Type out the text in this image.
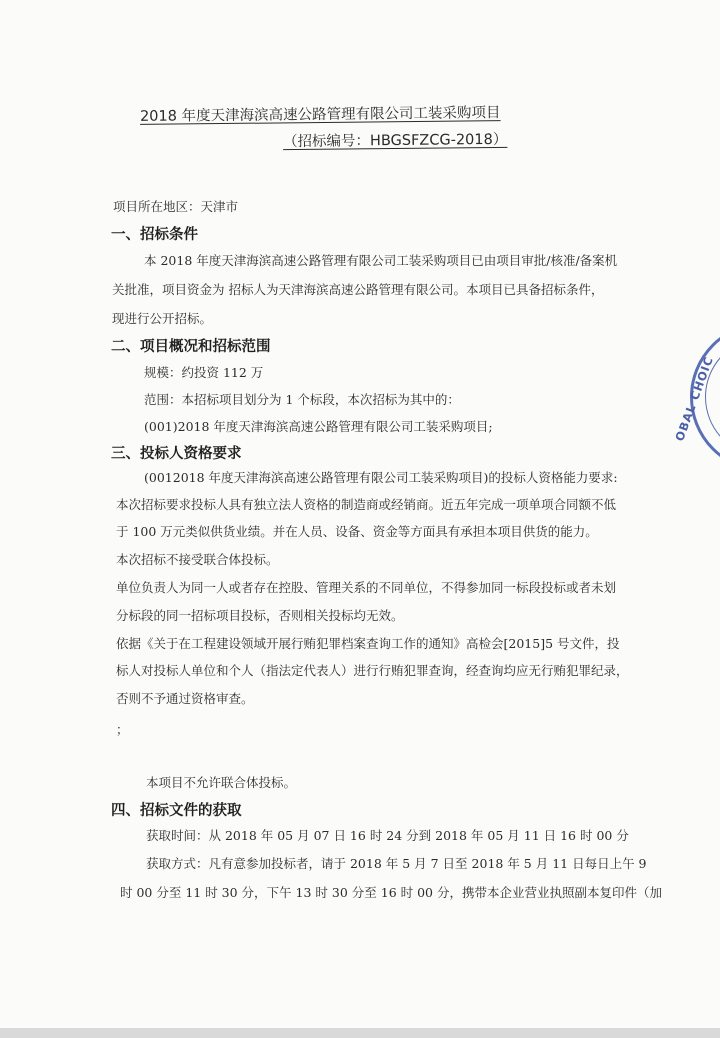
2018 年度天津海滨高速公路管理有限公司工装采购项目
（招标编号：HBGSFZCG-2018）
项目所在地区：天津市
一、招标条件
本 2018 年度天津海滨高速公路管理有限公司工装采购项目已由项目审批/核准/备案机
关批准，项目资金为 招标人为天津海滨高速公路管理有限公司。本项目已具备招标条件，
现进行公开招标。
二、项目概况和招标范围
规模：约投资 112 万
范围：本招标项目划分为 1 个标段，本次招标为其中的：
(001)2018 年度天津海滨高速公路管理有限公司工装采购项目;
三、投标人资格要求
(0012018 年度天津海滨高速公路管理有限公司工装采购项目)的投标人资格能力要求:
本次招标要求投标人具有独立法人资格的制造商或经销商。近五年完成一项单项合同额不低
于 100 万元类似供货业绩。并在人员、设备、资金等方面具有承担本项目供货的能力。
本次招标不接受联合体投标。
单位负责人为同一人或者存在控股、管理关系的不同单位，不得参加同一标段投标或者未划
分标段的同一招标项目投标，否则相关投标均无效。
依据《关于在工程建设领域开展行贿犯罪档案查询工作的通知》高检会[2015]5 号文件，投
标人对投标人单位和个人（指法定代表人）进行行贿犯罪查询，经查询均应无行贿犯罪纪录，
否则不予通过资格审查。
；
本项目不允许联合体投标。
四、招标文件的获取
获取时间：从 2018 年 05 月 07 日 16 时 24 分到 2018 年 05 月 11 日 16 时 00 分
获取方式：凡有意参加投标者，请于 2018 年 5 月 7 日至 2018 年 5 月 11 日每日上午 9
时 00 分至 11 时 30 分，下午 13 时 30 分至 16 时 00 分，携带本企业营业执照副本复印件（加
OBAL CHOIC
